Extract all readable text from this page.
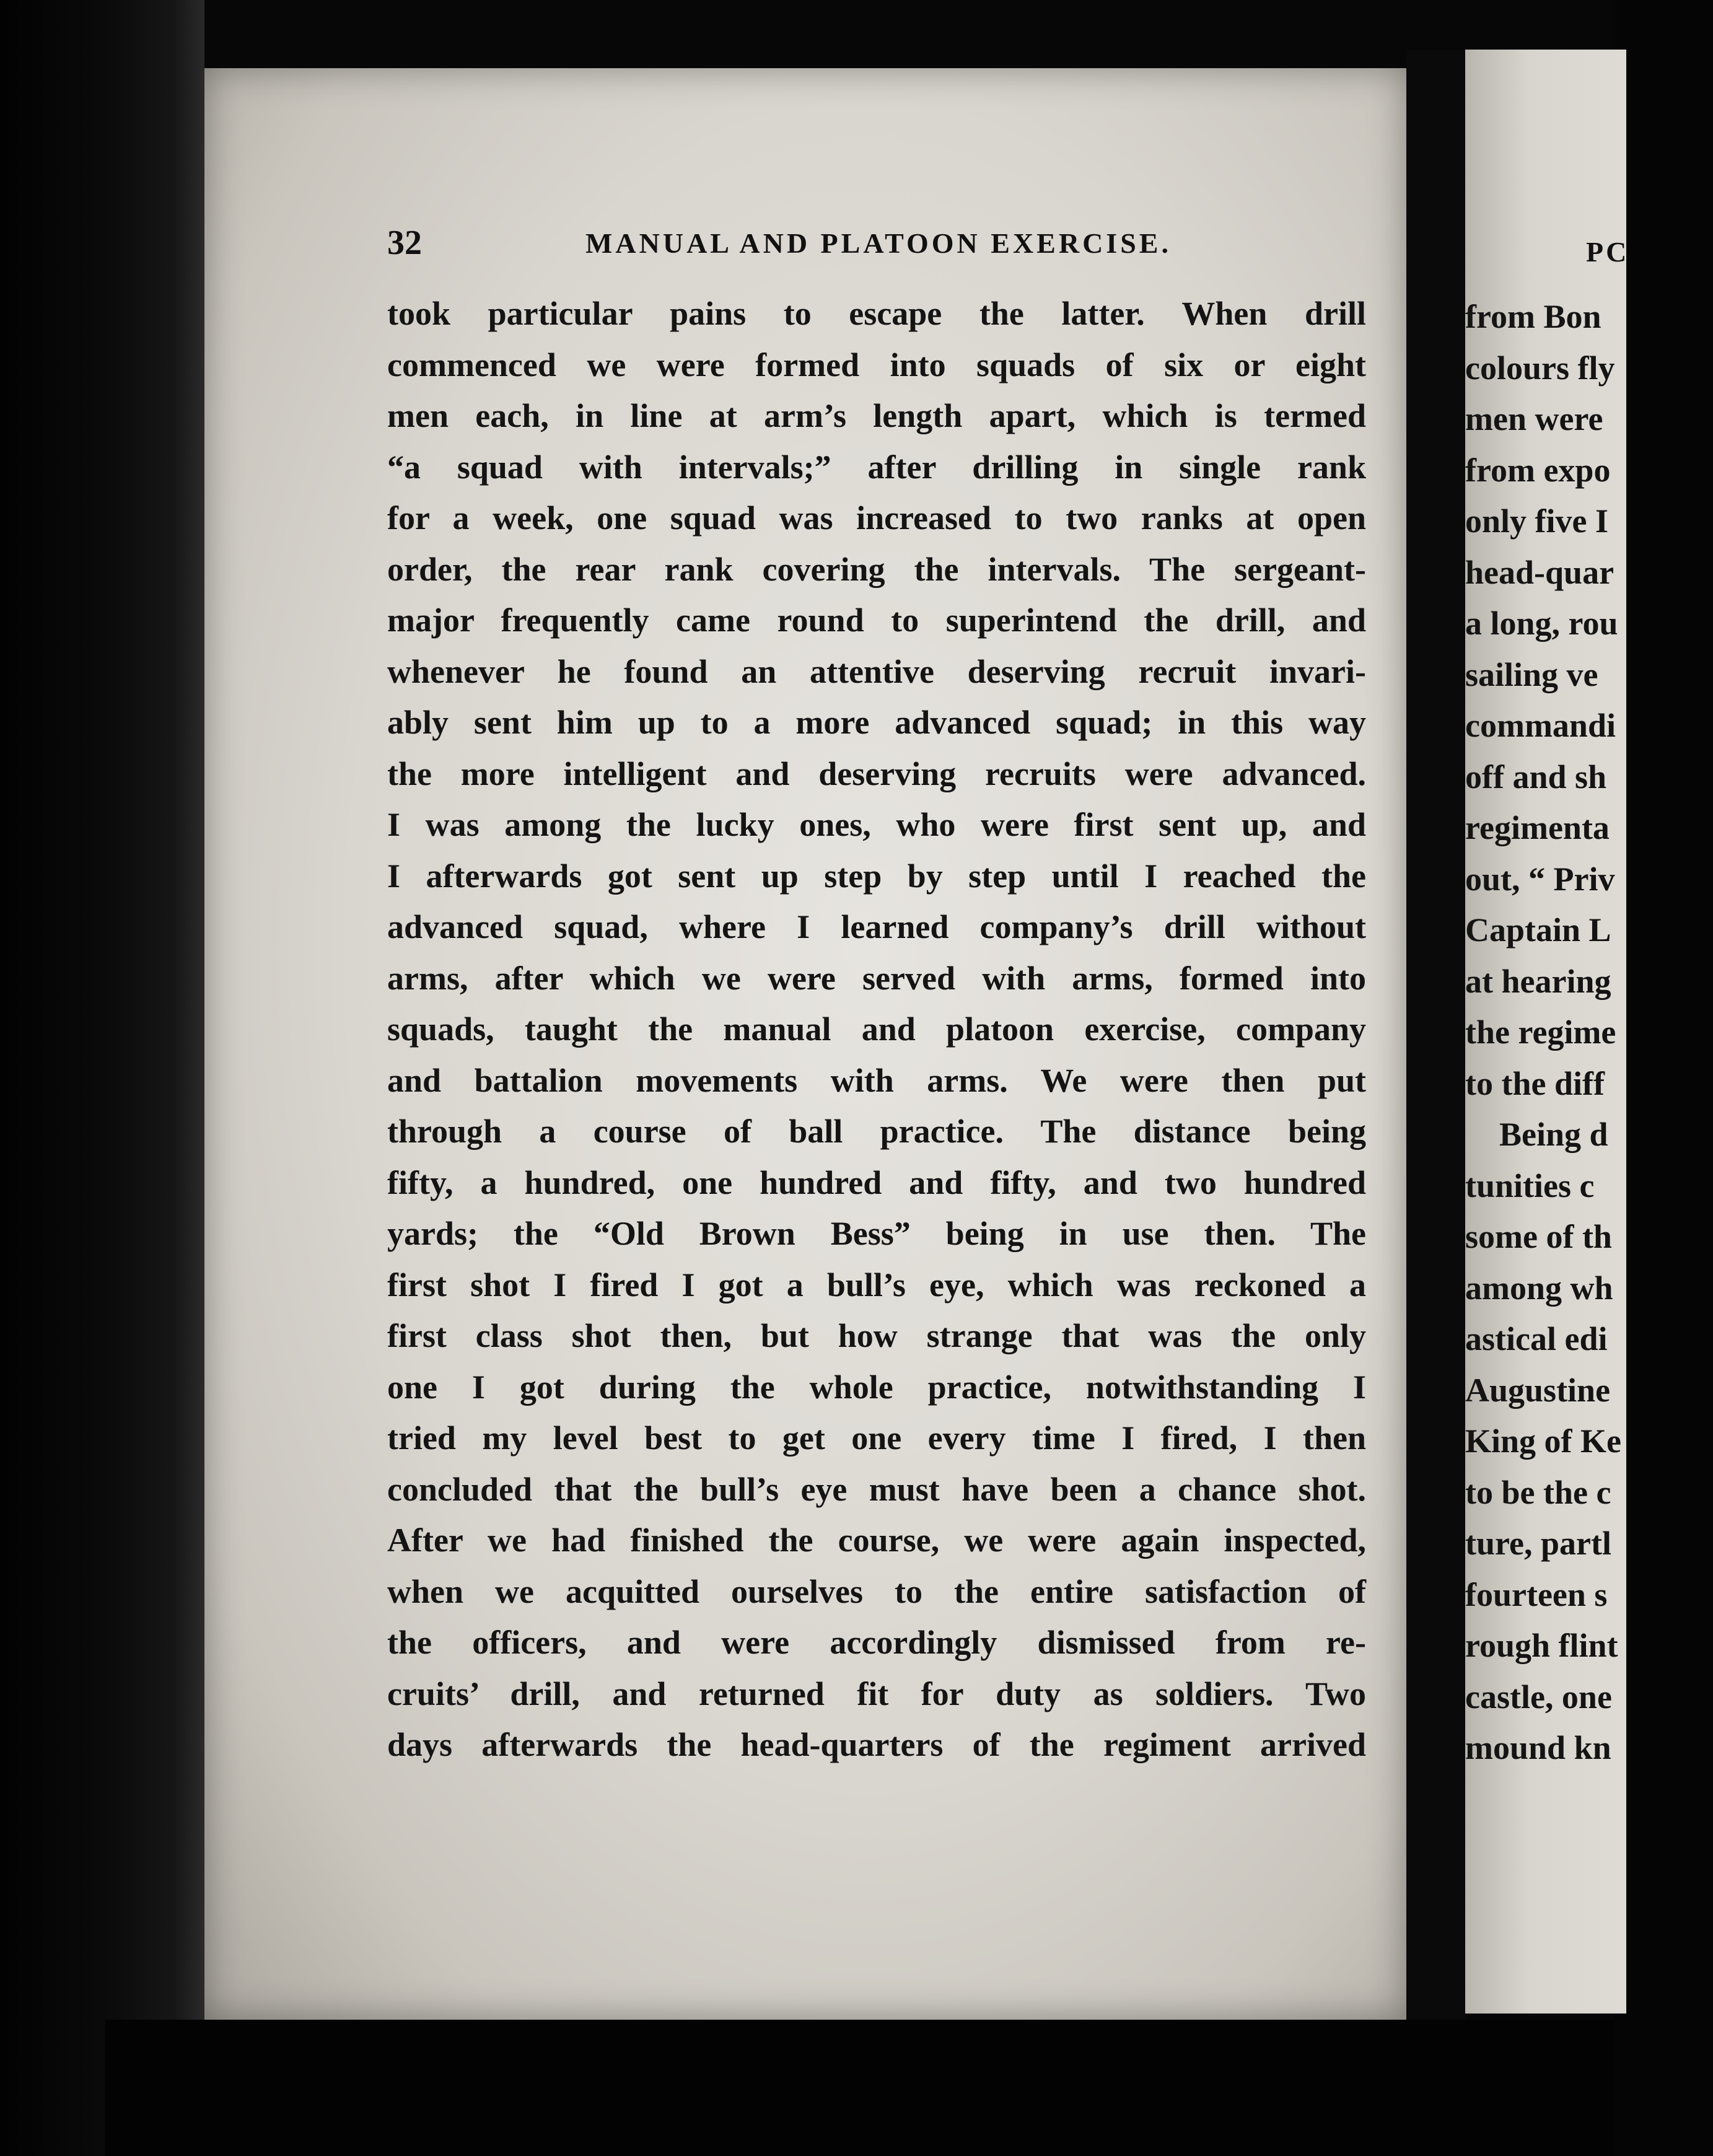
32	MANUAL AND PLATOON EXERCISE.
took particular pains to escape the latter. When drill
commenced we were formed into squads of six or eight
men each, in line at arm’s length apart, which is termed
“a squad with intervals;” after drilling in single rank
for a week, one squad was increased to two ranks at open
order, the rear rank covering the intervals. The sergeant-
major frequently came round to superintend the drill, and
whenever he found an attentive deserving recruit invari-
ably sent him up to a more advanced squad; in this way
the more intelligent and deserving recruits were advanced.
I was among the lucky ones, who were first sent up, and
I afterwards got sent up step by step until I reached the
advanced squad, where I learned company’s drill without
arms, after which we were served with arms, formed into
squads, taught the manual and platoon exercise, company
and battalion movements with arms. We were then put
through a course of ball practice. The distance being
fifty, a hundred, one hundred and fifty, and two hundred
yards; the “Old Brown Bess” being in use then. The
first shot I fired I got a bull’s eye, which was reckoned a
first class shot then, but how strange that was the only
one I got during the whole practice, notwithstanding I
tried my level best to get one every time I fired, I then
concluded that the bull’s eye must have been a chance shot.
After we had finished the course, we were again inspected,
when we acquitted ourselves to the entire satisfaction of
the officers, and were accordingly dismissed from re-
cruits’ drill, and returned fit for duty as soldiers. Two
days afterwards the head-quarters of the regiment arrived
PC
from Bon
colours fly
men were
from expo
only five I
head-quar
a long, rou
sailing ve
commandi
off and sh
regimenta
out, “ Priv
Captain L
at hearing
the regime
to the diff
Being d
tunities c
some of th
among wh
astical edi
Augustine
King of Ke
to be the c
ture, partl
fourteen s
rough flint
castle, one
mound kn
